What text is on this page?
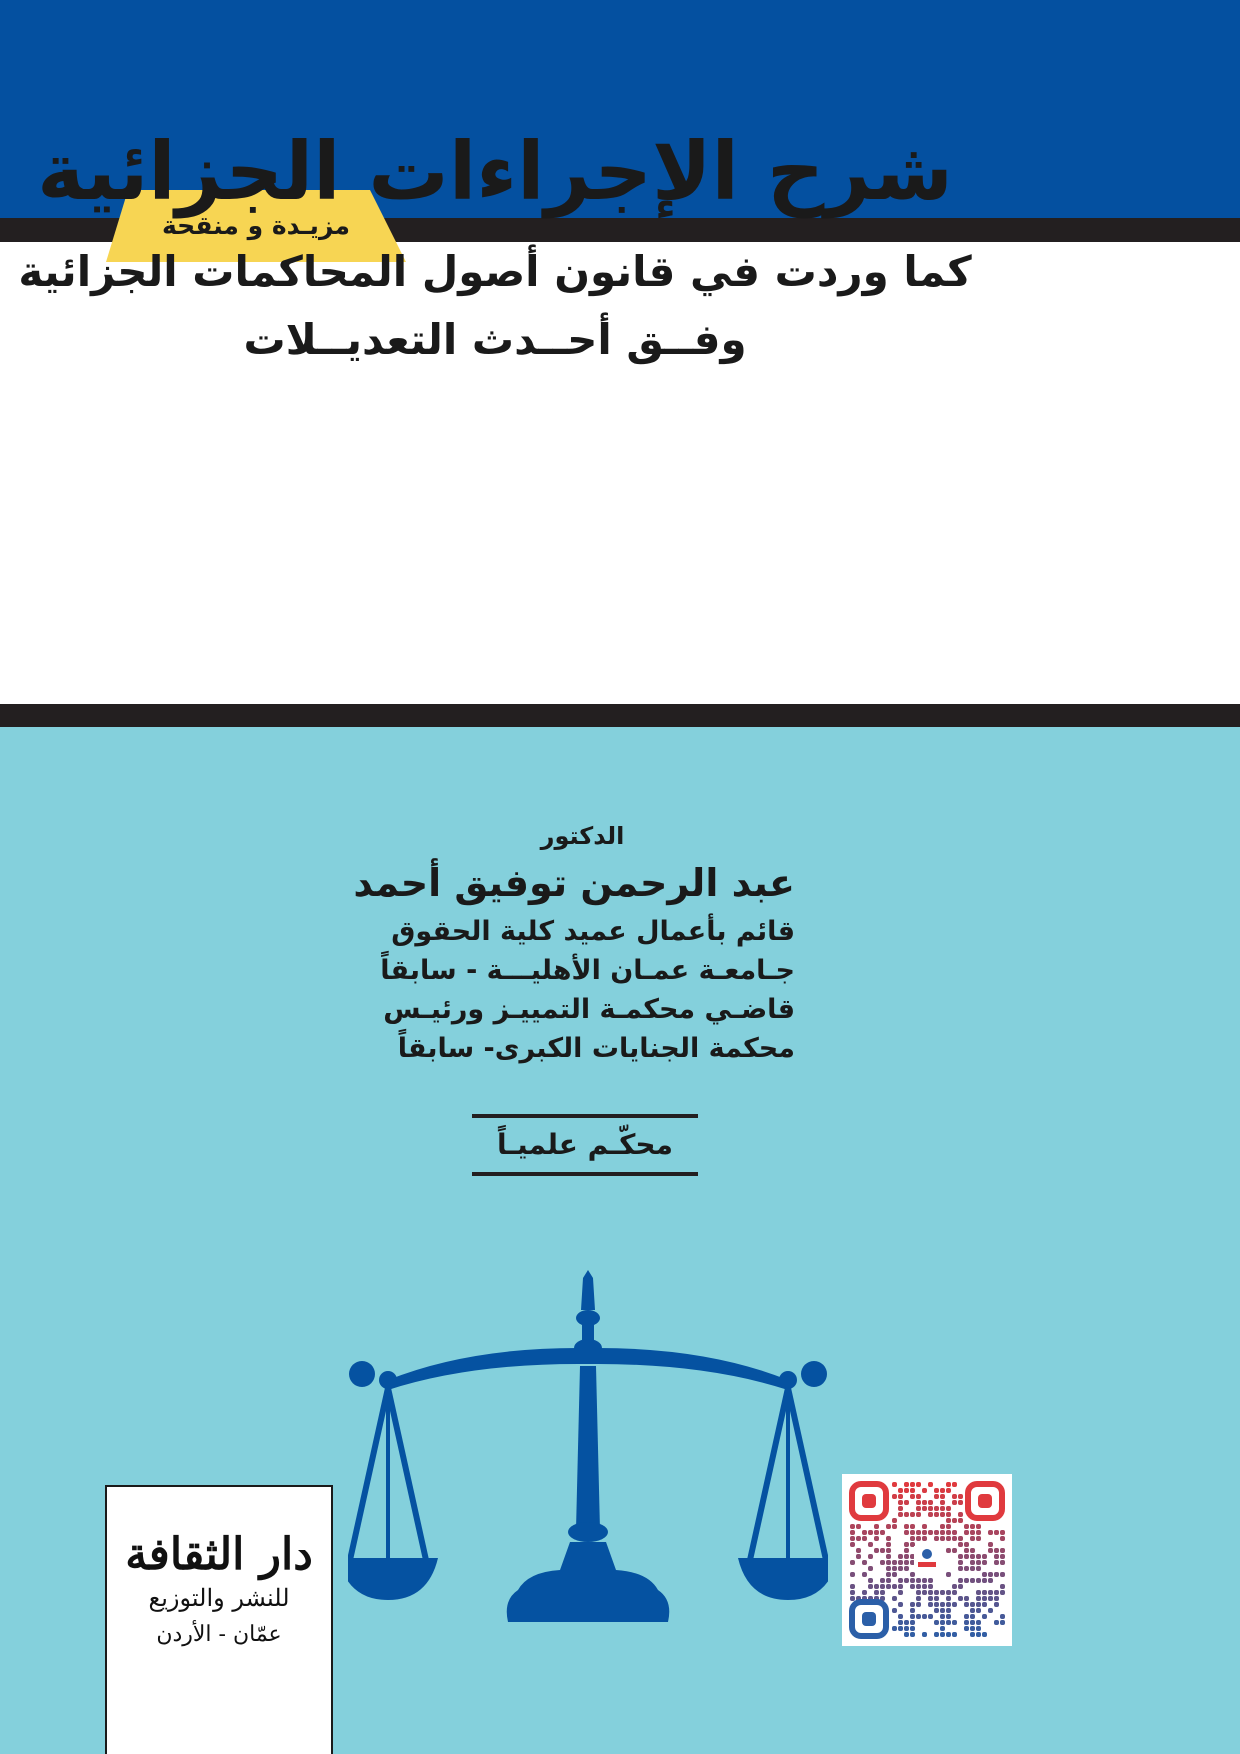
مزيـدة و منقحة
شرح الإجراءات الجزائية
كما وردت في قانون أصول المحاكمات الجزائية
وفــق أحــدث التعديــلات
الدكتور
عبد الرحمن توفيق أحمد
قائم بأعمال عميد كلية الحقوق
جـامعـة عمـان الأهليـــة - سابقاً
قاضـي محكمـة التمييـز ورئيـس
محكمة الجنايات الكبرى- سابقاً
محكّـم علميـاً
دار الثقافة
للنشر والتوزيع
عمّان - الأردن
